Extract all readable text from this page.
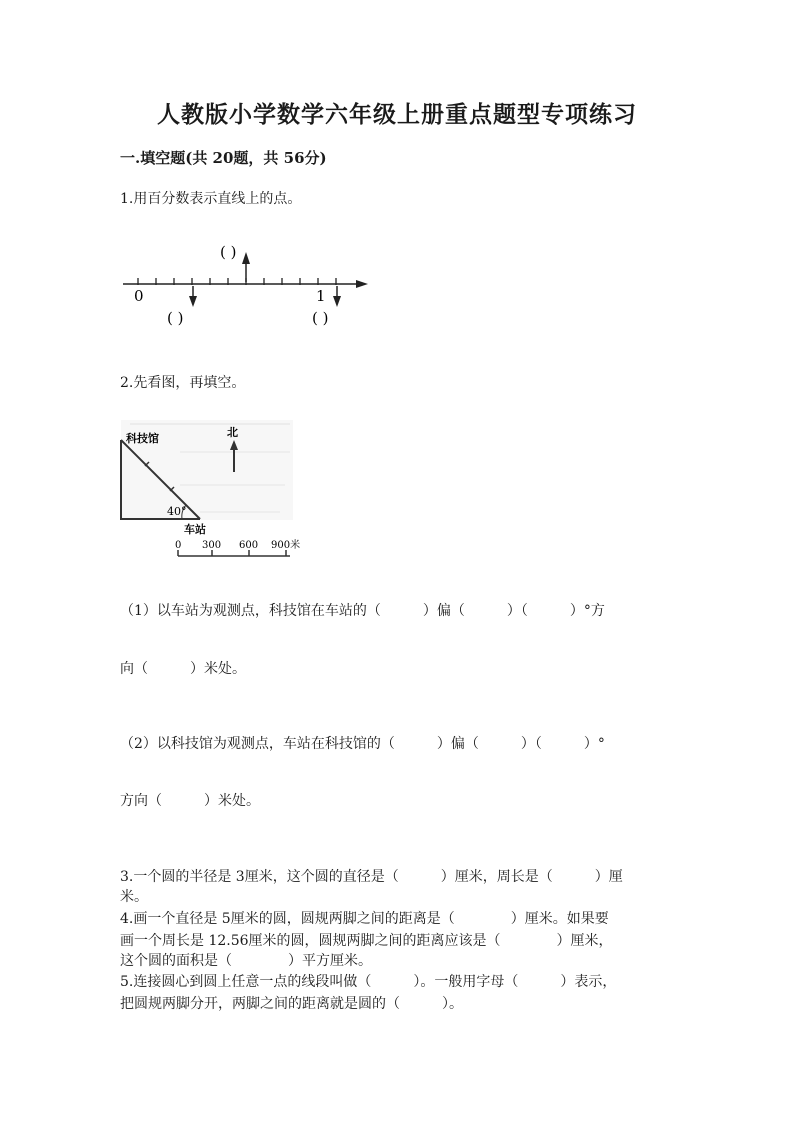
人教版小学数学六年级上册重点题型专项练习
一.填空题(共 20题，共 56分)
1.用百分数表示直线上的点。
0	1
( )
( )	( )
40°
科技馆
车站
北
0 300 600 900米
2.先看图，再填空。
（1）以车站为观测点，科技馆在车站的（　　　）偏（　　　）（　　　）°方
向（　　　）米处。
（2）以科技馆为观测点，车站在科技馆的（　　　）偏（　　　）（　　　）°
方向（　　　）米处。
3.一个圆的半径是 3厘米，这个圆的直径是（　　　）厘米，周长是（　　　）厘
米。
4.画一个直径是 5厘米的圆，圆规两脚之间的距离是（　　　　）厘米。如果要
画一个周长是 12.56厘米的圆，圆规两脚之间的距离应该是（　　　　）厘米，
这个圆的面积是（　　　　）平方厘米。
5.连接圆心到圆上任意一点的线段叫做（　　　）。一般用字母（　　　）表示，
把圆规两脚分开，两脚之间的距离就是圆的（　　　）。
